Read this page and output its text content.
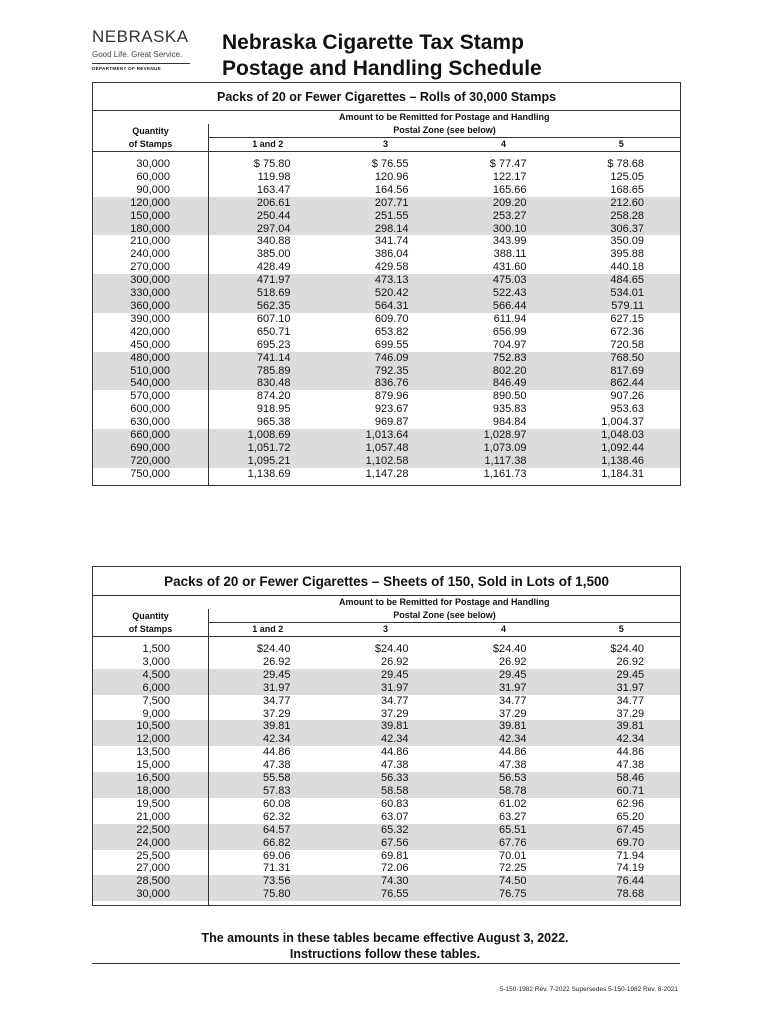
NEBRASKA
Good Life. Great Service.
DEPARTMENT OF REVENUE
Nebraska Cigarette Tax Stamp
Postage and Handling Schedule
Packs of 20 or Fewer Cigarettes – Rolls of 30,000 Stamps				
	Amount to be Remitted for Postage and Handling			

Quantity
of Stamps	Postal Zone (see below)			
	1 and 2	3	4	5

30,000	$ 75.80	$ 76.55	$ 77.47	$ 78.68
60,000	119.98	120.96	122.17	125.05
90,000	163.47	164.56	165.66	168.65
120,000	206.61	207.71	209.20	212.60
150,000	250.44	251.55	253.27	258.28
180,000	297.04	298.14	300.10	306.37
210,000	340.88	341.74	343.99	350.09
240,000	385.00	386.04	388.11	395.88
270,000	428.49	429.58	431.60	440.18
300,000	471.97	473.13	475.03	484.65
330,000	518.69	520.42	522.43	534.01
360,000	562.35	564.31	566.44	579.11
390,000	607.10	609.70	611.94	627.15
420,000	650.71	653.82	656.99	672.36
450,000	695.23	699.55	704.97	720.58
480,000	741.14	746.09	752.83	768.50
510,000	785.89	792.35	802.20	817.69
540,000	830.48	836.76	846.49	862.44
570,000	874.20	879.96	890.50	907.26
600,000	918.95	923.67	935.83	953.63
630,000	965.38	969.87	984.84	1,004.37
660,000	1,008.69	1,013.64	1,028.97	1,048.03
690,000	1,051.72	1,057.48	1,073.09	1,092.44
720,000	1,095.21	1,102.58	1,117.38	1,138.46
750,000	1,138.69	1,147.28	1,161.73	1,184.31

Packs of 20 or Fewer Cigarettes – Sheets of 150, Sold in Lots of 1,500				
	Amount to be Remitted for Postage and Handling			

Quantity
of Stamps	Postal Zone (see below)			
	1 and 2	3	4	5

1,500	$24.40	$24.40	$24.40	$24.40
3,000	26.92	26.92	26.92	26.92
4,500	29.45	29.45	29.45	29.45
6,000	31.97	31.97	31.97	31.97
7,500	34.77	34.77	34.77	34.77
9,000	37.29	37.29	37.29	37.29
10,500	39.81	39.81	39.81	39.81
12,000	42.34	42.34	42.34	42.34
13,500	44.86	44.86	44.86	44.86
15,000	47.38	47.38	47.38	47.38
16,500	55.58	56.33	56.53	58.46
18,000	57.83	58.58	58.78	60.71
19,500	60.08	60.83	61.02	62.96
21,000	62.32	63.07	63.27	65.20
22,500	64.57	65.32	65.51	67.45
24,000	66.82	67.56	67.76	69.70
25,500	69.06	69.81	70.01	71.94
27,000	71.31	72.06	72.25	74.19
28,500	73.56	74.30	74.50	76.44
30,000	75.80	76.55	76.75	78.68

The amounts in these tables became effective August 3, 2022.
Instructions follow these tables.
5-150-1982 Rev. 7-2022 Supersedes 5-150-1982 Rev. 8-2021
